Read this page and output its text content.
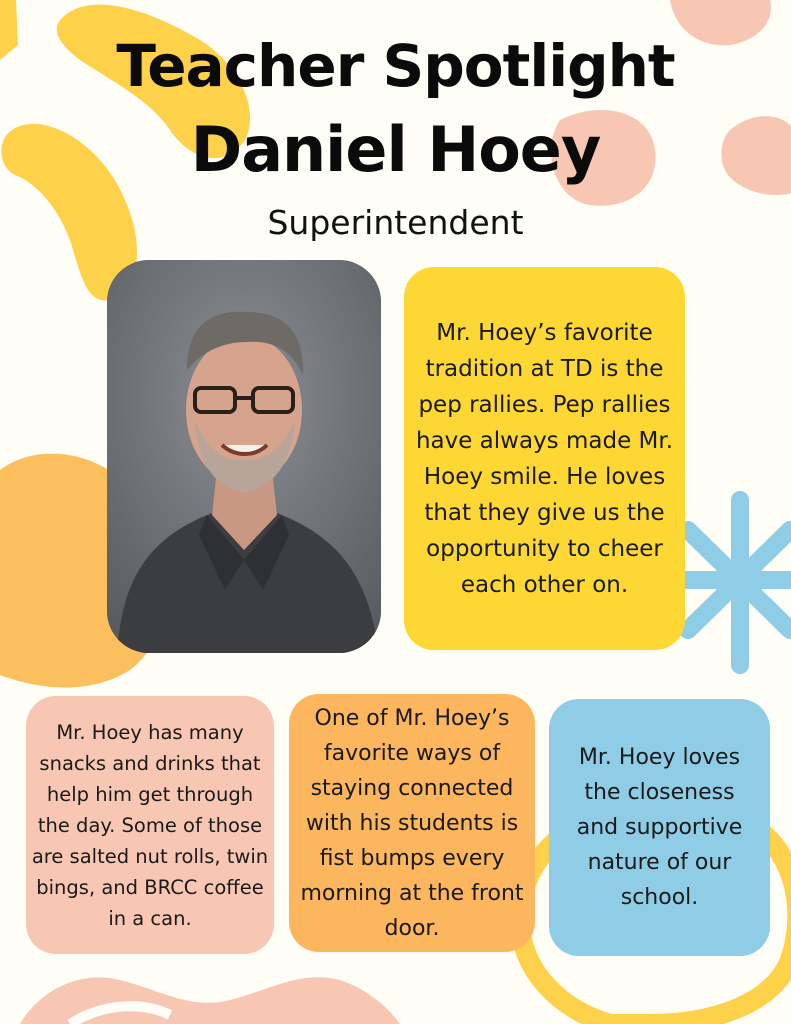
Teacher Spotlight
Daniel Hoey
Superintendent

Mr. Hoey’s favorite tradition at TD is the pep rallies. Pep rallies have always made Mr. Hoey smile. He loves that they give us the opportunity to cheer each other on.

Mr. Hoey has many snacks and drinks that help him get through the day. Some of those are salted nut rolls, twin bings, and BRCC coffee in a can.

One of Mr. Hoey’s favorite ways of staying connected with his students is fist bumps every morning at the front door.

Mr. Hoey loves the closeness and supportive nature of our school.
